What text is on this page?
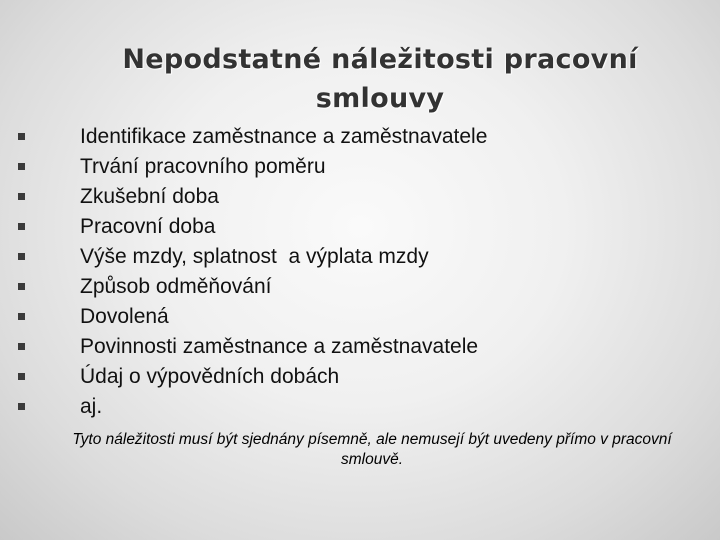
Nepodstatné náležitosti pracovní smlouvy
Identifikace zaměstnance a zaměstnavatele
Trvání pracovního poměru
Zkušební doba
Pracovní doba
Výše mzdy, splatnost  a výplata mzdy
Způsob odměňování
Dovolená
Povinnosti zaměstnance a zaměstnavatele
Údaj o výpovědních dobách
aj.

Tyto náležitosti musí být sjednány písemně, ale nemusejí být uvedeny přímo v pracovní smlouvě.
